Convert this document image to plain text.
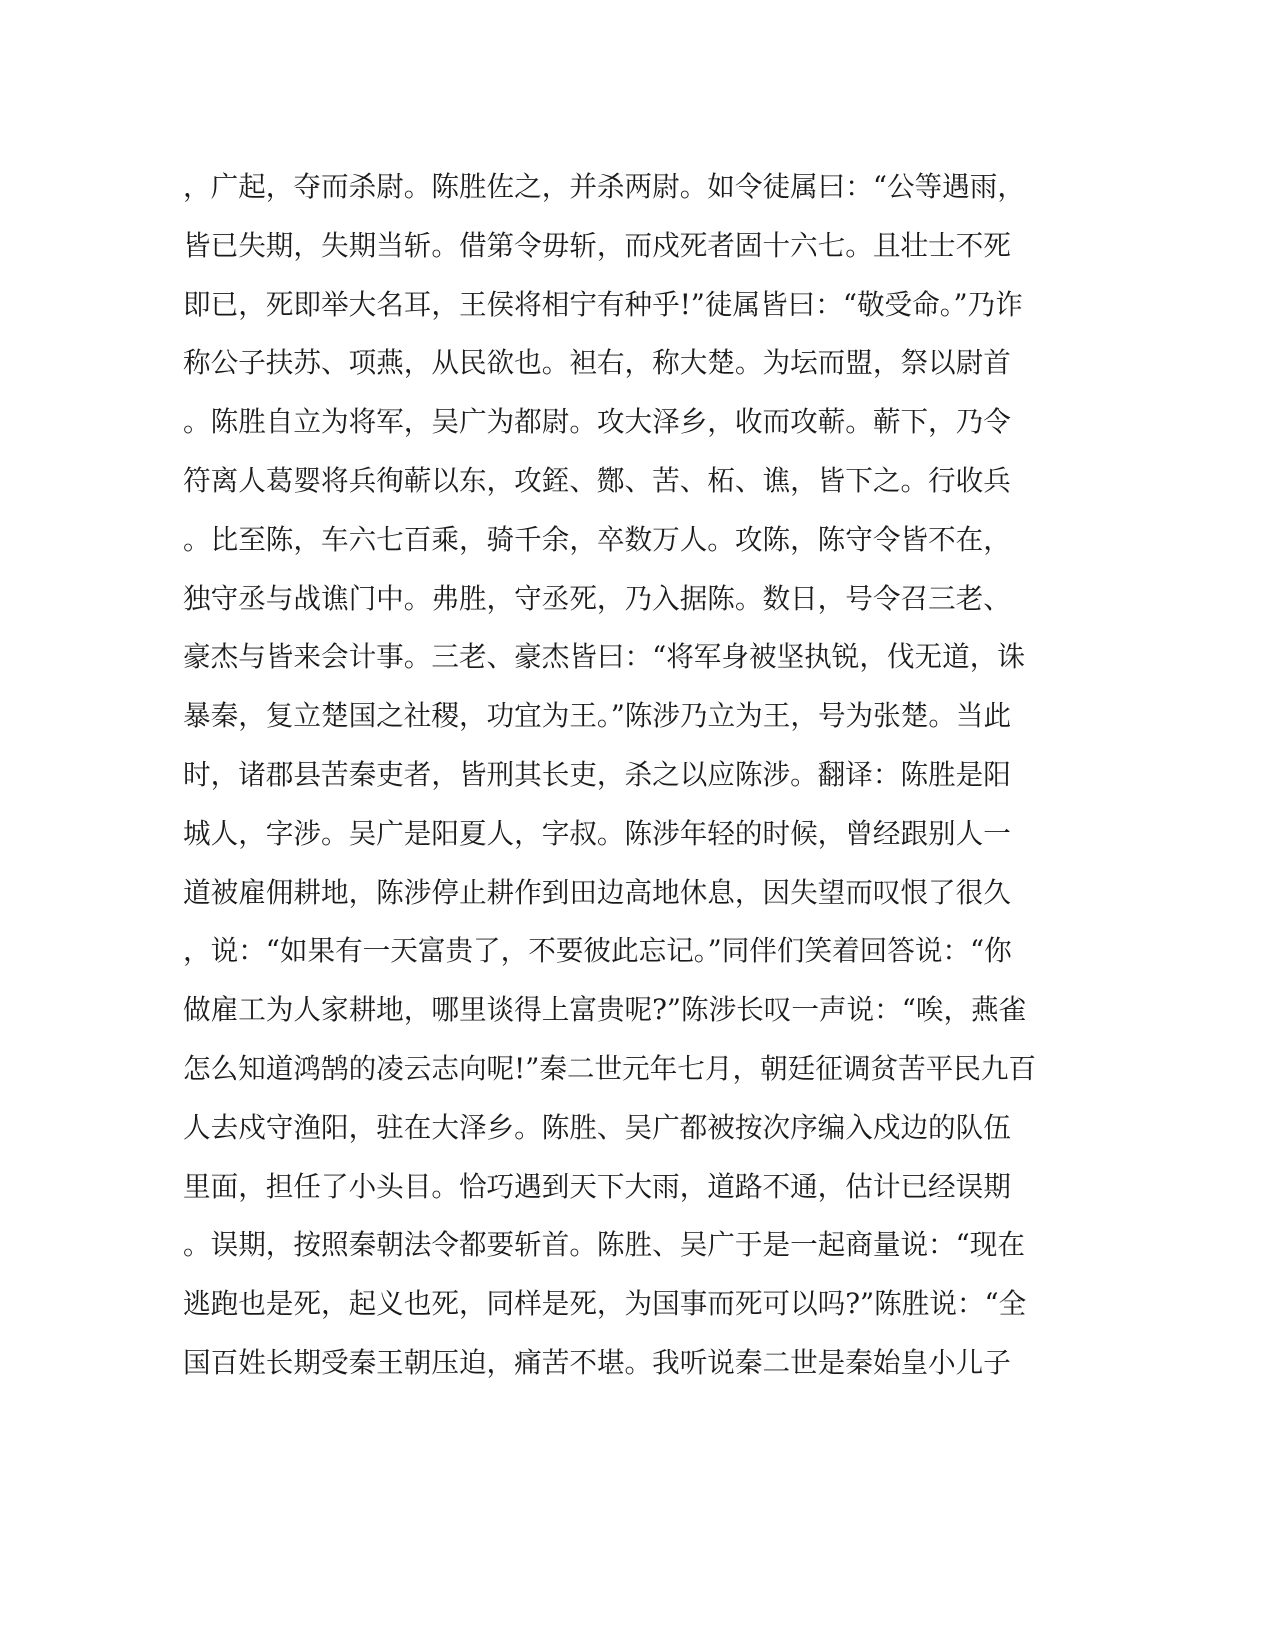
，广起，夺而杀尉。陈胜佐之，并杀两尉。如令徒属曰：“公等遇雨，
皆已失期，失期当斩。借第令毋斩，而戍死者固十六七。且壮士不死
即已，死即举大名耳，王侯将相宁有种乎!”徒属皆曰：“敬受命。”乃诈
称公子扶苏、项燕，从民欲也。袒右，称大楚。为坛而盟，祭以尉首
。陈胜自立为将军，吴广为都尉。攻大泽乡，收而攻蕲。蕲下，乃令
符离人葛婴将兵徇蕲以东，攻銍、酂、苦、柘、谯，皆下之。行收兵
。比至陈，车六七百乘，骑千余，卒数万人。攻陈，陈守令皆不在，
独守丞与战谯门中。弗胜，守丞死，乃入据陈。数日，号令召三老、
豪杰与皆来会计事。三老、豪杰皆曰：“将军身被坚执锐，伐无道，诛
暴秦，复立楚国之社稷，功宜为王。”陈涉乃立为王，号为张楚。当此
时，诸郡县苦秦吏者，皆刑其长吏，杀之以应陈涉。翻译：陈胜是阳
城人，字涉。吴广是阳夏人，字叔。陈涉年轻的时候，曾经跟别人一
道被雇佣耕地，陈涉停止耕作到田边高地休息，因失望而叹恨了很久
，说：“如果有一天富贵了，不要彼此忘记。”同伴们笑着回答说：“你
做雇工为人家耕地，哪里谈得上富贵呢?”陈涉长叹一声说：“唉，燕雀
怎么知道鸿鹄的凌云志向呢!”秦二世元年七月，朝廷征调贫苦平民九百
人去戍守渔阳，驻在大泽乡。陈胜、吴广都被按次序编入戍边的队伍
里面，担任了小头目。恰巧遇到天下大雨，道路不通，估计已经误期
。误期，按照秦朝法令都要斩首。陈胜、吴广于是一起商量说：“现在
逃跑也是死，起义也死，同样是死，为国事而死可以吗?”陈胜说：“全
国百姓长期受秦王朝压迫，痛苦不堪。我听说秦二世是秦始皇小儿子
